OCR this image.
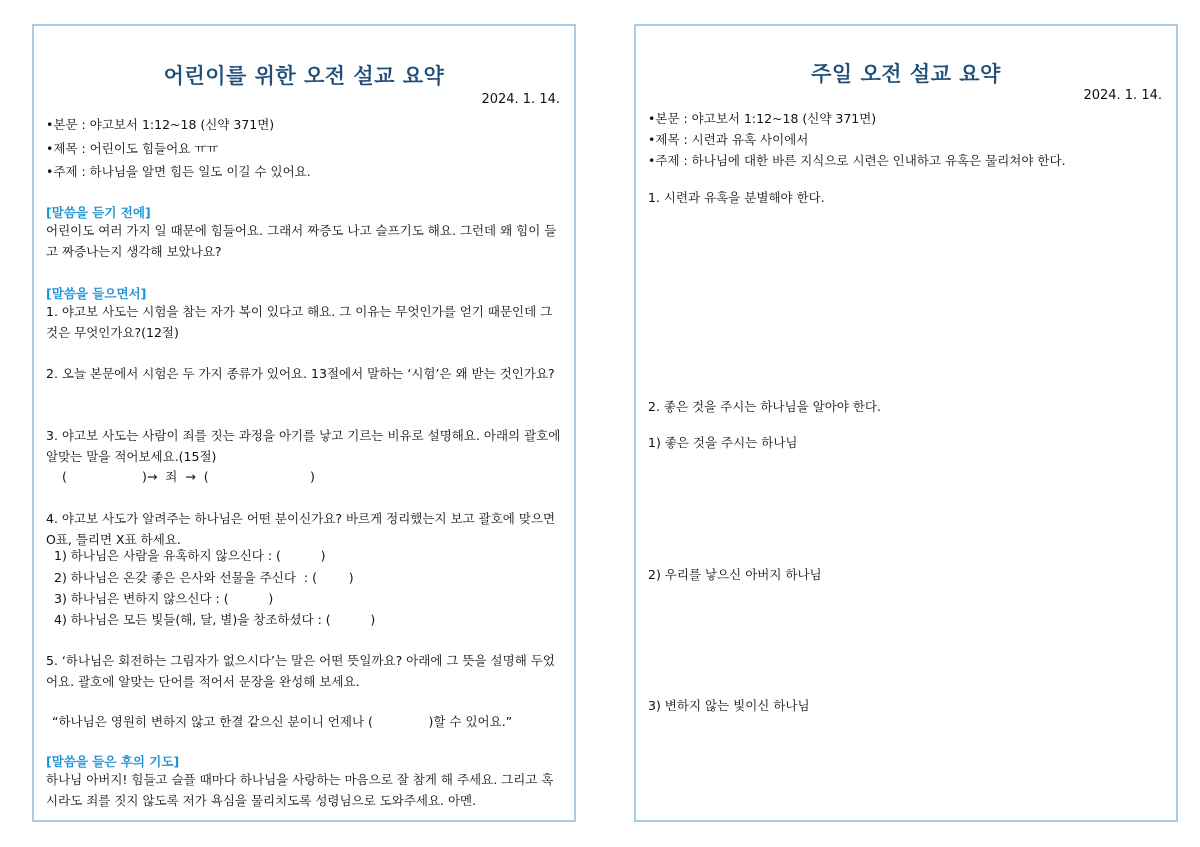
어린이를 위한 오전 설교 요약
2024. 1. 14.
•본문 : 야고보서 1:12~18 (신약 371면)
•제목 : 어린이도 힘들어요 ㅠㅠ
•주제 : 하나님을 알면 힘든 일도 이길 수 있어요.
[말씀을 듣기 전에]
어린이도 여러 가지 일 때문에 힘들어요. 그래서 짜증도 나고 슬프기도 해요. 그런데 왜 힘이 들고 짜증나는지 생각해 보았나요?
[말씀을 들으면서]
1. 야고보 사도는 시험을 참는 자가 복이 있다고 해요. 그 이유는 무엇인가를 얻기 때문인데 그것은 무엇인가요?(12절)
2. 오늘 본문에서 시험은 두 가지 종류가 있어요. 13절에서 말하는 ‘시험’은 왜 받는 것인가요?
3. 야고보 사도는 사람이 죄를 짓는 과정을 아기를 낳고 기르는 비유로 설명해요. 아래의 괄호에 알맞는 말을 적어보세요.(15절)
(	)→  죄  →  (	)
4. 야고보 사도가 알려주는 하나님은 어떤 분이신가요? 바르게 정리했는지 보고 괄호에 맞으면 O표, 틀리면 X표 하세요.
1) 하나님은 사람을 유혹하지 않으신다 : (          )
2) 하나님은 온갖 좋은 은사와 선물을 주신다  : (        )
3) 하나님은 변하지 않으신다 : (          )
4) 하나님은 모든 빛들(해, 달, 별)을 창조하셨다 : (          )
5. ‘하나님은 회전하는 그림자가 없으시다’는 말은 어떤 뜻일까요? 아래에 그 뜻을 설명해 두었어요. 괄호에 알맞는 단어를 적어서 문장을 완성해 보세요.
“하나님은 영원히 변하지 않고 한결 같으신 분이니 언제나 (              )할 수 있어요.”
[말씀을 들은 후의 기도]
하나님 아버지! 힘들고 슬플 때마다 하나님을 사랑하는 마음으로 잘 참게 해 주세요. 그리고 혹시라도 죄를 짓지 않도록 저가 욕심을 물리치도록 성령님으로 도와주세요. 아멘.
주일 오전 설교 요약
2024. 1. 14.
•본문 : 야고보서 1:12~18 (신약 371면)
•제목 : 시련과 유혹 사이에서
•주제 : 하나님에 대한 바른 지식으로 시련은 인내하고 유혹은 물리쳐야 한다.
1. 시련과 유혹을 분별해야 한다.
2. 좋은 것을 주시는 하나님을 알아야 한다.
1) 좋은 것을 주시는 하나님
2) 우리를 낳으신 아버지 하나님
3) 변하지 않는 빛이신 하나님
